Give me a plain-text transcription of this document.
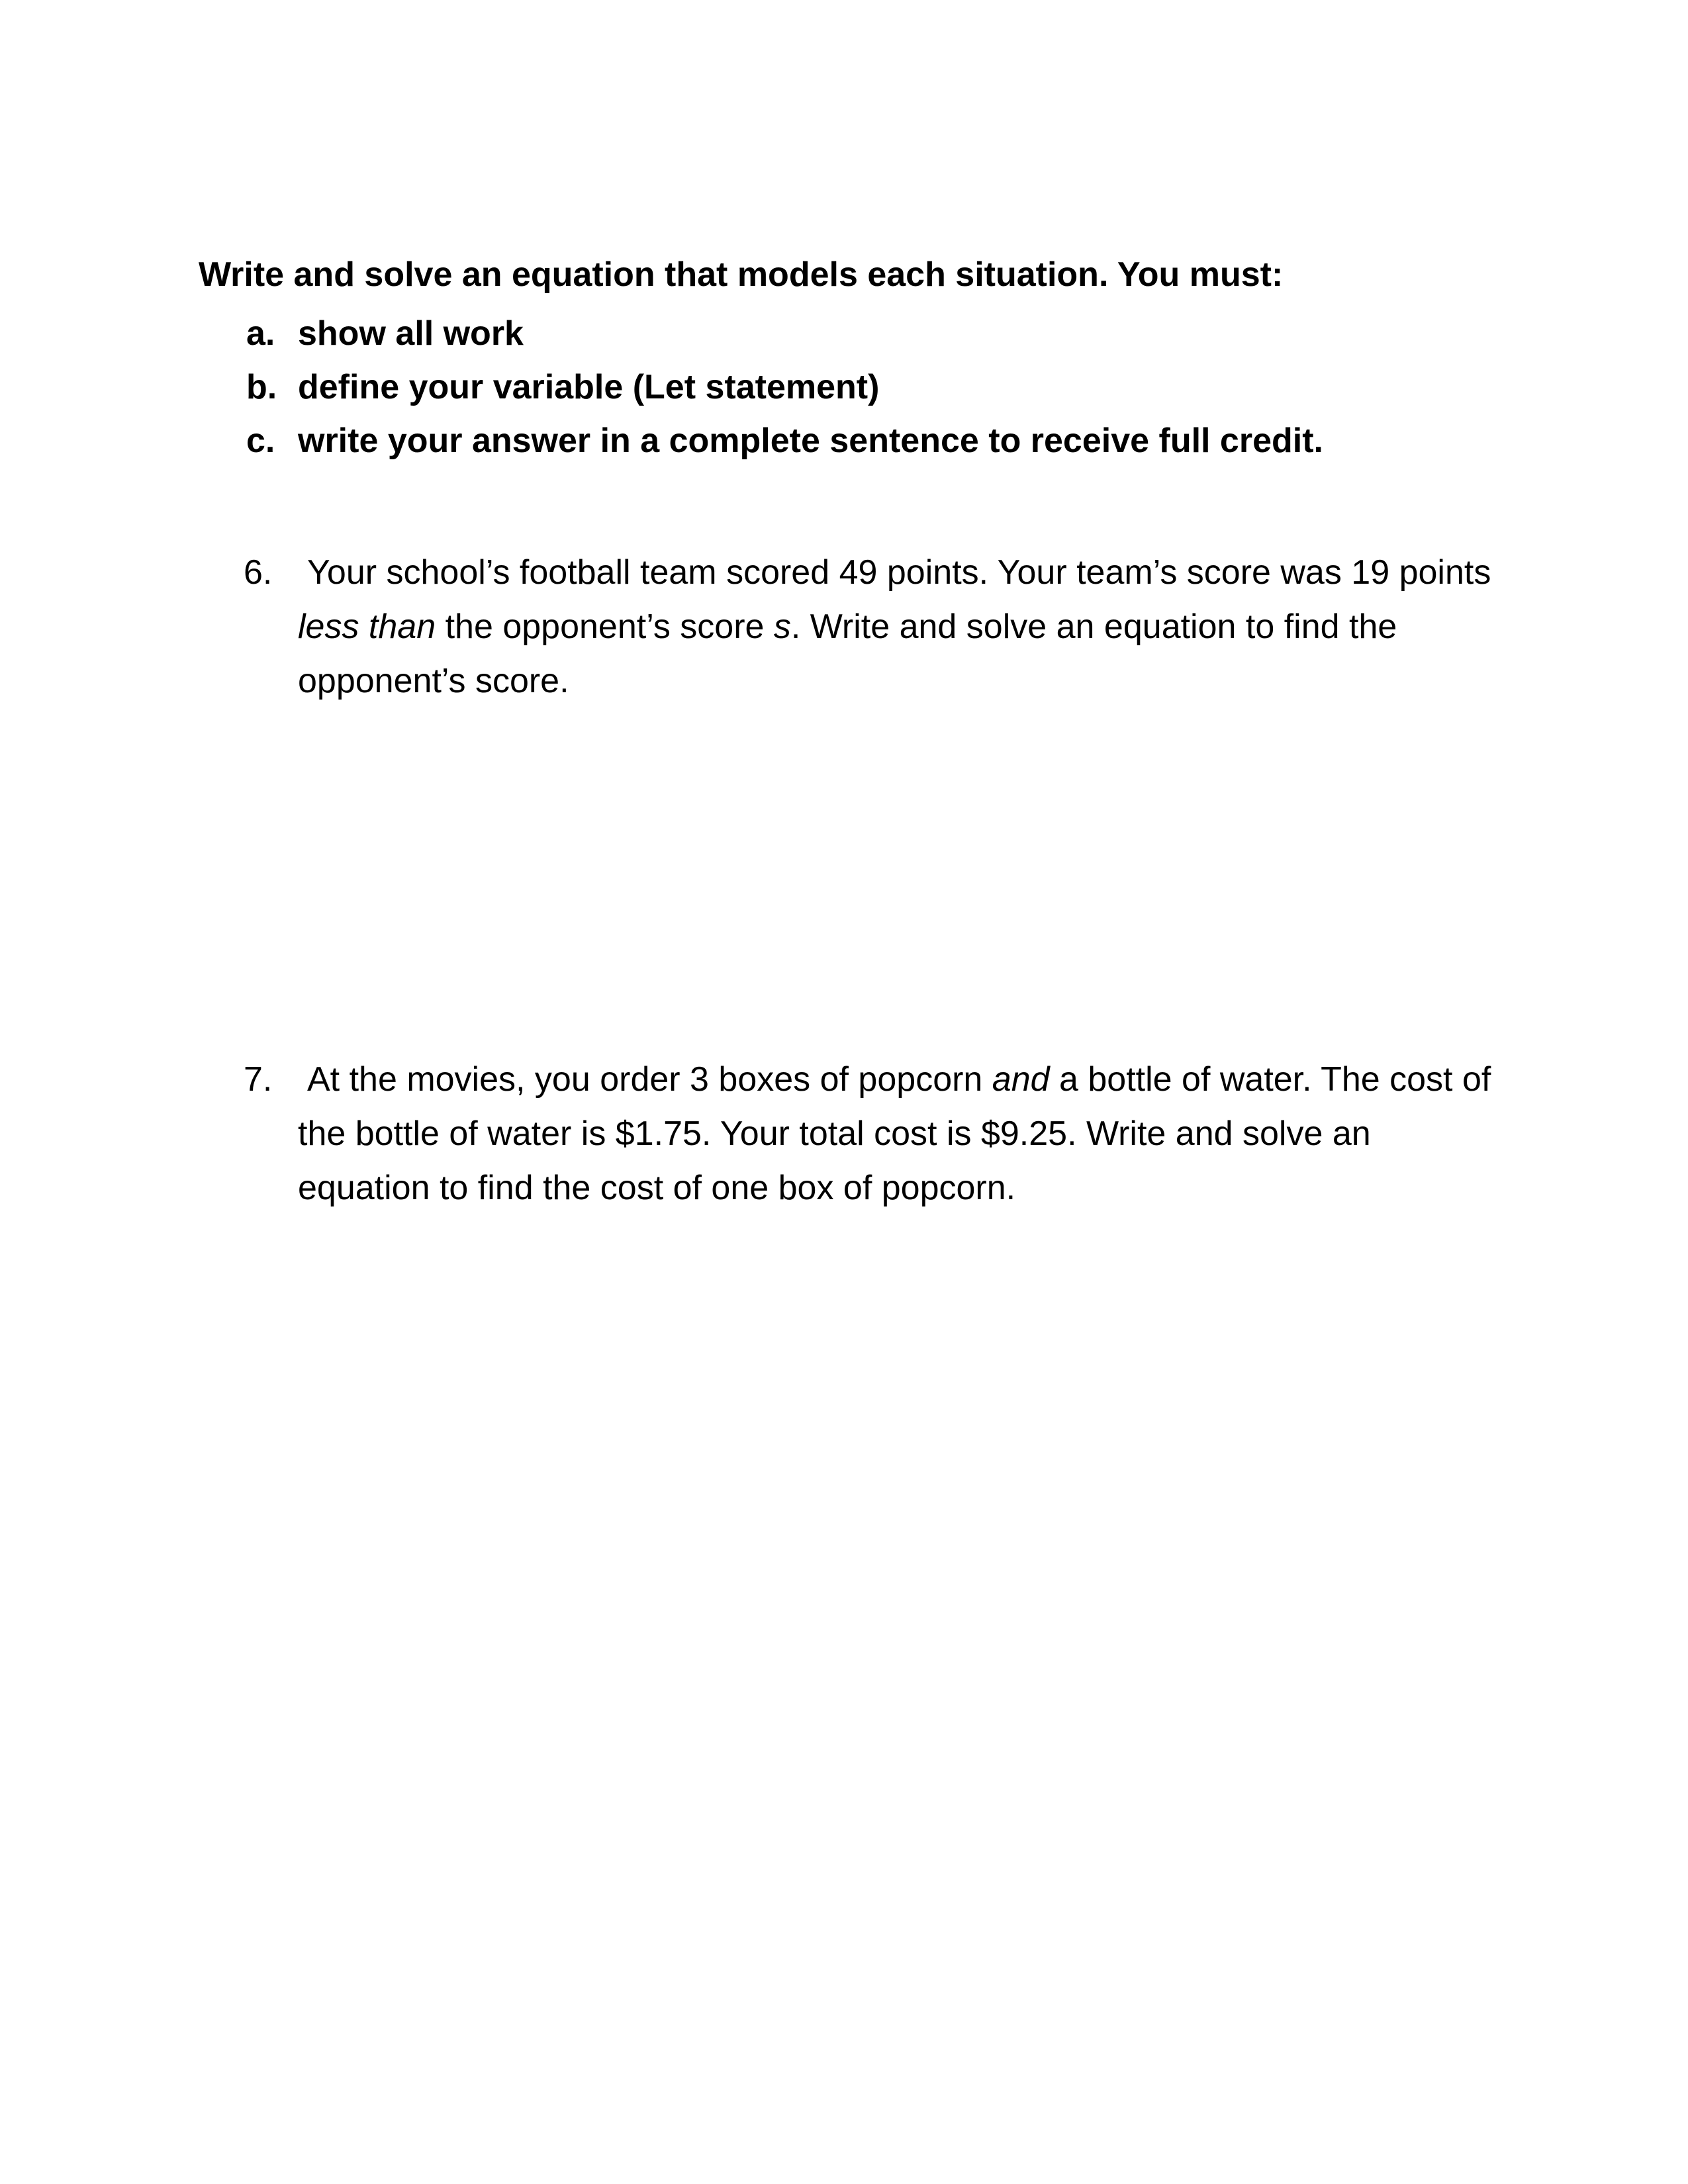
Write and solve an equation that models each situation. You must:
a. show all work
b. define your variable (Let statement)
c. write your answer in a complete sentence to receive full credit.
6. Your school’s football team scored 49 points. Your team’s score was 19 points less than the opponent’s score s. Write and solve an equation to find the opponent’s score.
7. At the movies, you order 3 boxes of popcorn and a bottle of water. The cost of the bottle of water is $1.75. Your total cost is $9.25. Write and solve an equation to find the cost of one box of popcorn.
